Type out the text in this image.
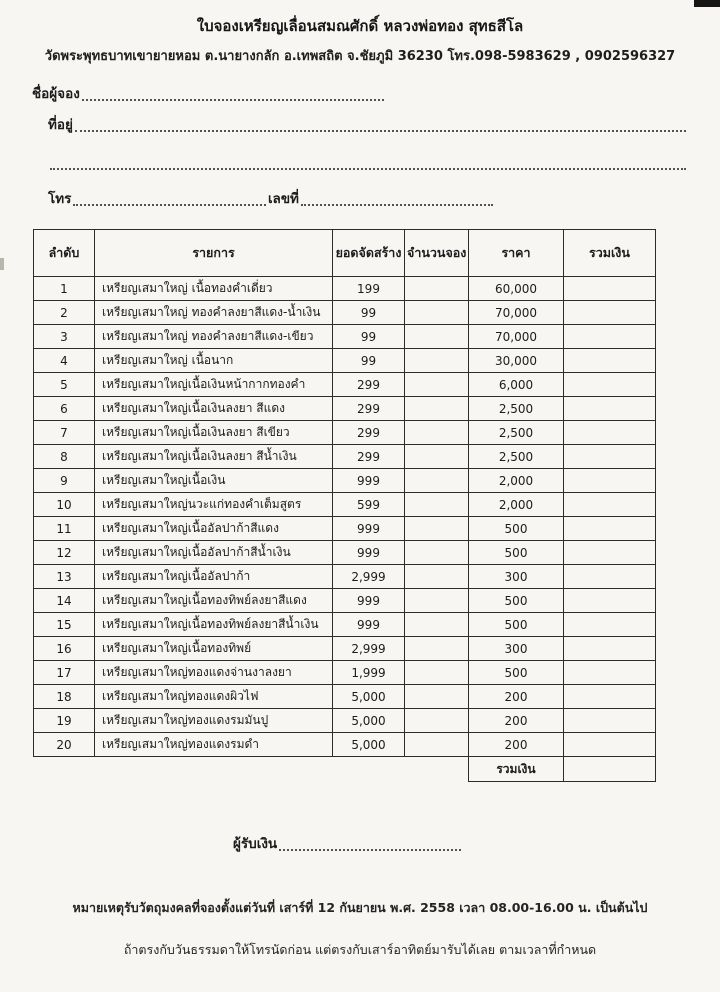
ใบจองเหรียญเลื่อนสมณศักดิ์ หลวงพ่อทอง สุทธสีโล
วัดพระพุทธบาทเขายายหอม ต.นายางกลัก อ.เทพสถิต จ.ชัยภูมิ 36230 โทร.098-5983629 , 0902596327
ชื่อผู้จอง
ที่อยู่
โทร	เลขที่
ลำดับ	รายการ	ยอดจัดสร้าง	จำนวนจอง	ราคา	รวมเงิน
1	เหรียญเสมาใหญ่ เนื้อทองคำเดี่ยว	199		60,000	
2	เหรียญเสมาใหญ่ ทองคำลงยาสีแดง-น้ำเงิน	99		70,000	
3	เหรียญเสมาใหญ่ ทองคำลงยาสีแดง-เขียว	99		70,000	
4	เหรียญเสมาใหญ่ เนื้อนาก	99		30,000	
5	เหรียญเสมาใหญ่เนื้อเงินหน้ากากทองคำ	299		6,000	
6	เหรียญเสมาใหญ่เนื้อเงินลงยา สีแดง	299		2,500	
7	เหรียญเสมาใหญ่เนื้อเงินลงยา สีเขียว	299		2,500	
8	เหรียญเสมาใหญ่เนื้อเงินลงยา สีน้ำเงิน	299		2,500	
9	เหรียญเสมาใหญ่เนื้อเงิน	999		2,000	
10	เหรียญเสมาใหญ่นวะแก่ทองคำเต็มสูตร	599		2,000	
11	เหรียญเสมาใหญ่เนื้ออัลปาก้าสีแดง	999		500	
12	เหรียญเสมาใหญ่เนื้ออัลปาก้าสีน้ำเงิน	999		500	
13	เหรียญเสมาใหญ่เนื้ออัลปาก้า	2,999		300	
14	เหรียญเสมาใหญ่เนื้อทองทิพย์ลงยาสีแดง	999		500	
15	เหรียญเสมาใหญ่เนื้อทองทิพย์ลงยาสีน้ำเงิน	999		500	
16	เหรียญเสมาใหญ่เนื้อทองทิพย์	2,999		300	
17	เหรียญเสมาใหญ่ทองแดงจ่านงาลงยา	1,999		500	
18	เหรียญเสมาใหญ่ทองแดงผิวไฟ	5,000		200	
19	เหรียญเสมาใหญ่ทองแดงรมมันปู	5,000		200	
20	เหรียญเสมาใหญ่ทองแดงรมดำ	5,000		200	
				รวมเงิน	
ผู้รับเงิน
หมายเหตุรับวัตถุมงคลที่จองตั้งแต่วันที่ เสาร์ที่ 12 กันยายน พ.ศ. 2558 เวลา 08.00-16.00 น. เป็นต้นไป
ถ้าตรงกับวันธรรมดาให้โทรนัดก่อน แต่ตรงกับเสาร์อาทิตย์มารับได้เลย ตามเวลาที่กำหนด
